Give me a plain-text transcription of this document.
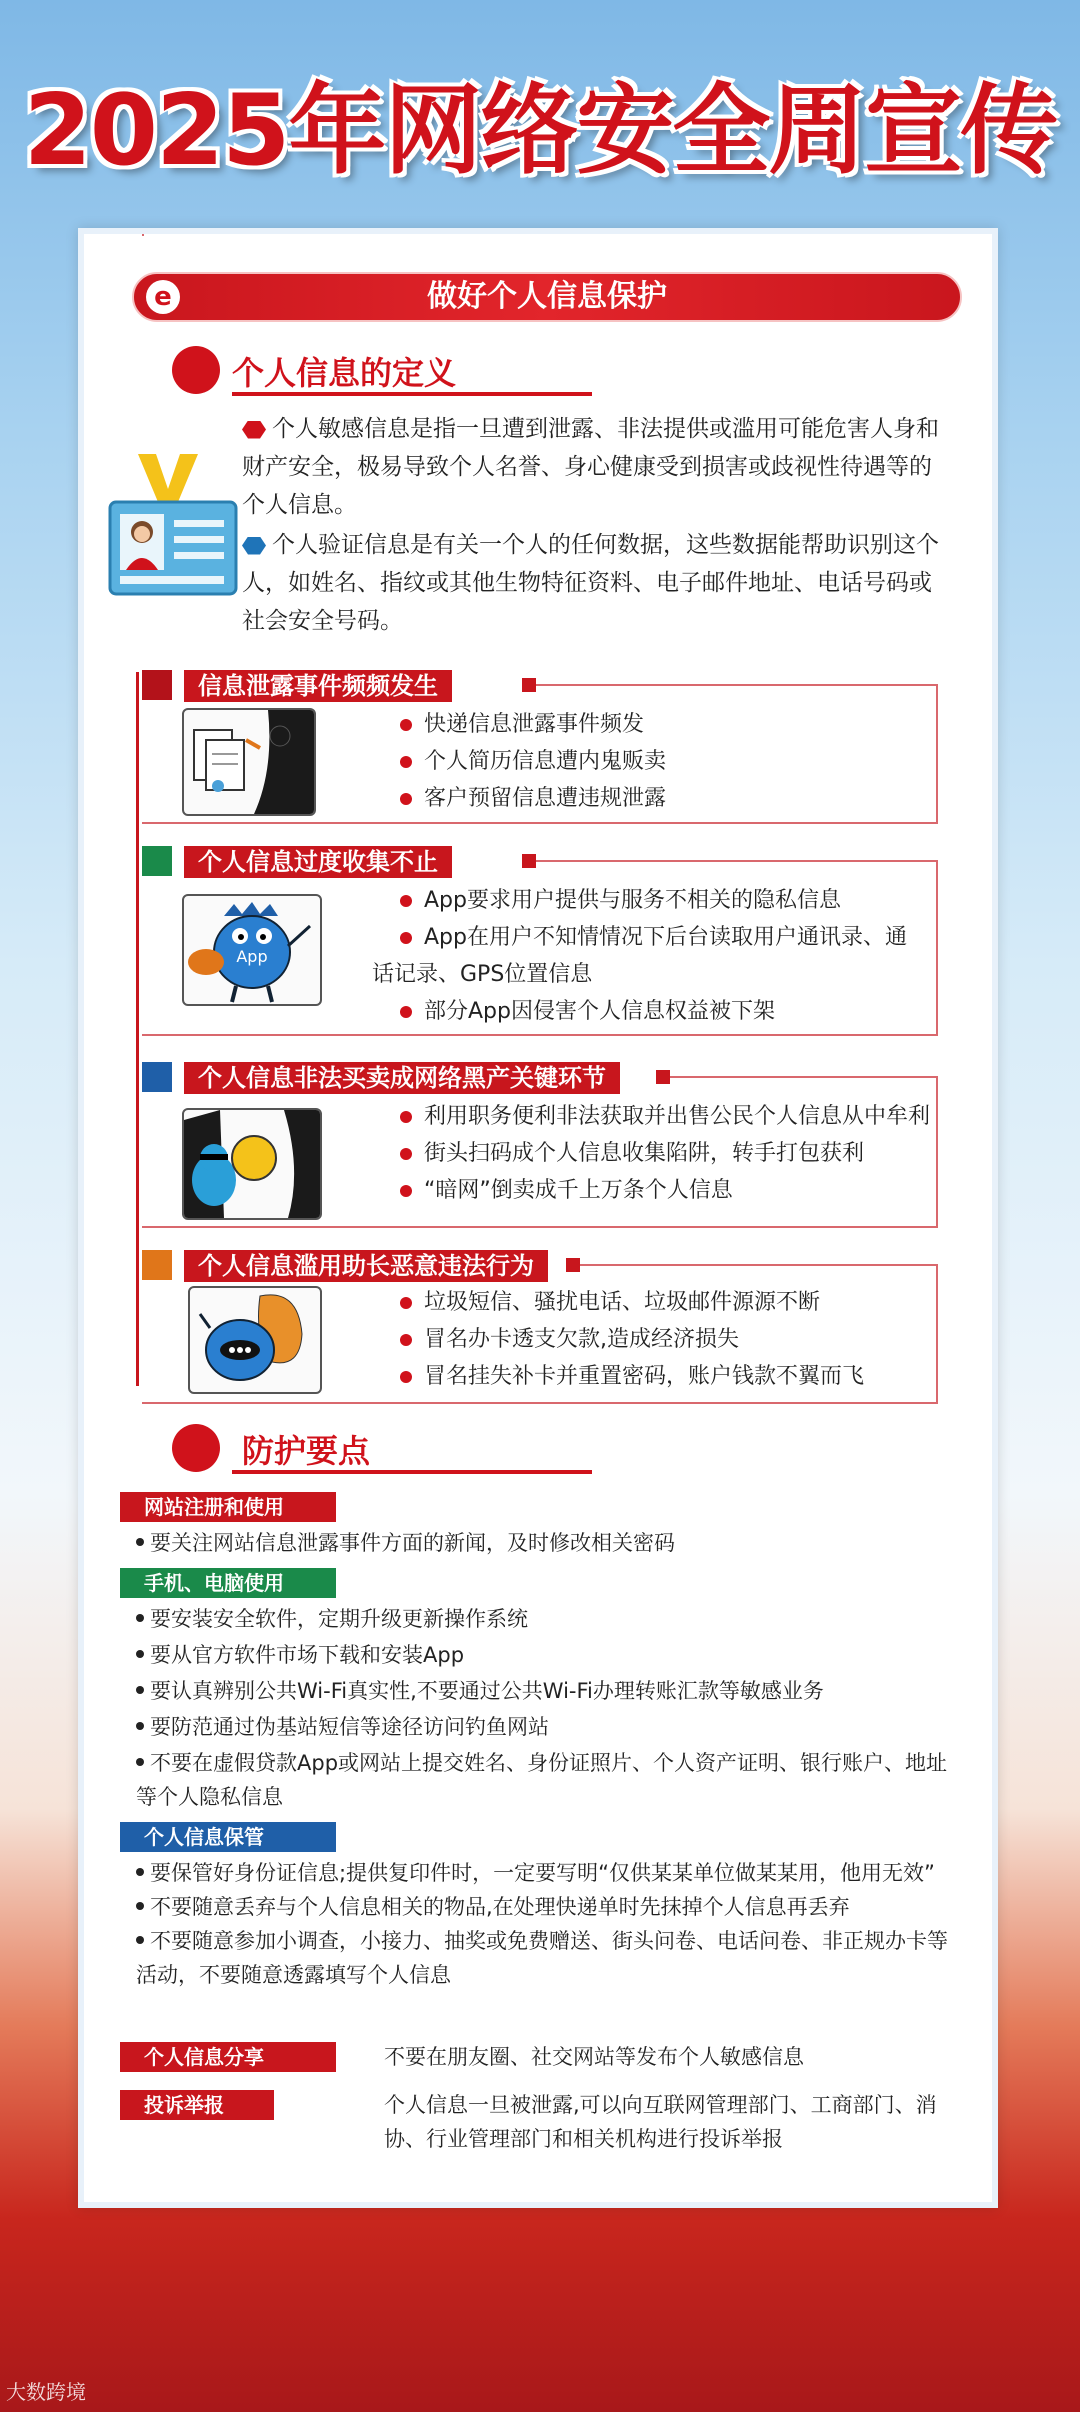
2025年网络安全周宣传
e	做好个人信息保护
个人信息的定义
个人敏感信息是指一旦遭到泄露、非法提供或滥用可能危害人身和财产安全，极易导致个人名誉、身心健康受到损害或歧视性待遇等的个人信息。
个人验证信息是有关一个人的任何数据，这些数据能帮助识别这个人，如姓名、指纹或其他生物特征资料、电子邮件地址、电话号码或社会安全号码。
信息泄露事件频频发生
快递信息泄露事件频发
个人简历信息遭内鬼贩卖
客户预留信息遭违规泄露
个人信息过度收集不止
App
App要求用户提供与服务不相关的隐私信息
App在用户不知情情况下后台读取用户通讯录、通
话记录、GPS位置信息
部分App因侵害个人信息权益被下架
个人信息非法买卖成网络黑产关键环节
利用职务便利非法获取并出售公民个人信息从中牟利
街头扫码成个人信息收集陷阱，转手打包获利
“暗网”倒卖成千上万条个人信息
个人信息滥用助长恶意违法行为
垃圾短信、骚扰电话、垃圾邮件源源不断
冒名办卡透支欠款,造成经济损失
冒名挂失补卡并重置密码，账户钱款不翼而飞
防护要点
网站注册和使用
要关注网站信息泄露事件方面的新闻，及时修改相关密码
手机、电脑使用
要安装安全软件，定期升级更新操作系统
要从官方软件市场下载和安装App
要认真辨别公共Wi-Fi真实性,不要通过公共Wi-Fi办理转账汇款等敏感业务
要防范通过伪基站短信等途径访问钓鱼网站
不要在虚假贷款App或网站上提交姓名、身份证照片、个人资产证明、银行账户、地址等个人隐私信息
个人信息保管
要保管好身份证信息;提供复印件时，一定要写明“仅供某某单位做某某用，他用无效”
不要随意丢弃与个人信息相关的物品,在处理快递单时先抹掉个人信息再丢弃
不要随意参加小调查，小接力、抽奖或免费赠送、街头问卷、电话问卷、非正规办卡等活动，不要随意透露填写个人信息
个人信息分享	不要在朋友圈、社交网站等发布个人敏感信息
投诉举报	个人信息一旦被泄露,可以向互联网管理部门、工商部门、消协、行业管理部门和相关机构进行投诉举报
大数跨境
